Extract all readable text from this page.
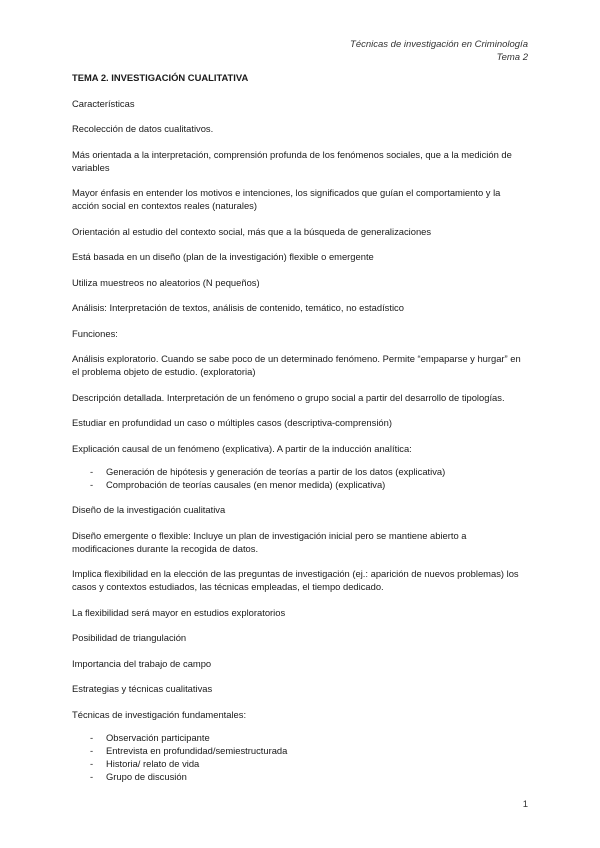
Técnicas de investigación en Criminología
Tema 2

TEMA 2. INVESTIGACIÓN CUALITATIVA

Características

Recolección de datos cualitativos.

Más orientada a la interpretación, comprensión profunda de los fenómenos sociales, que a la medición de variables

Mayor énfasis en entender los motivos e intenciones, los significados que guían el comportamiento y la acción social en contextos reales (naturales)

Orientación al estudio del contexto social, más que a la búsqueda de generalizaciones

Está basada en un diseño (plan de la investigación) flexible o emergente

Utiliza muestreos no aleatorios (N pequeños)

Análisis: Interpretación de textos, análisis de contenido, temático, no estadístico

Funciones:

Análisis exploratorio. Cuando se sabe poco de un determinado fenómeno. Permite “empaparse y hurgar” en el problema objeto de estudio. (exploratoria)

Descripción detallada. Interpretación de un fenómeno o grupo social a partir del desarrollo de tipologías.

Estudiar en profundidad un caso o múltiples casos (descriptiva-comprensión)

Explicación causal de un fenómeno (explicativa). A partir de la inducción analítica:

- Generación de hipótesis y generación de teorías a partir de los datos (explicativa)
- Comprobación de teorías causales (en menor medida) (explicativa)

Diseño de la investigación cualitativa

Diseño emergente o flexible: Incluye un plan de investigación inicial pero se mantiene abierto a modificaciones durante la recogida de datos.

Implica flexibilidad en la elección de las preguntas de investigación (ej.: aparición de nuevos problemas) los casos y contextos estudiados, las técnicas empleadas, el tiempo dedicado.

La flexibilidad será mayor en estudios exploratorios

Posibilidad de triangulación

Importancia del trabajo de campo

Estrategias y técnicas cualitativas

Técnicas de investigación fundamentales:

- Observación participante
- Entrevista en profundidad/semiestructurada
- Historia/ relato de vida
- Grupo de discusión
1
